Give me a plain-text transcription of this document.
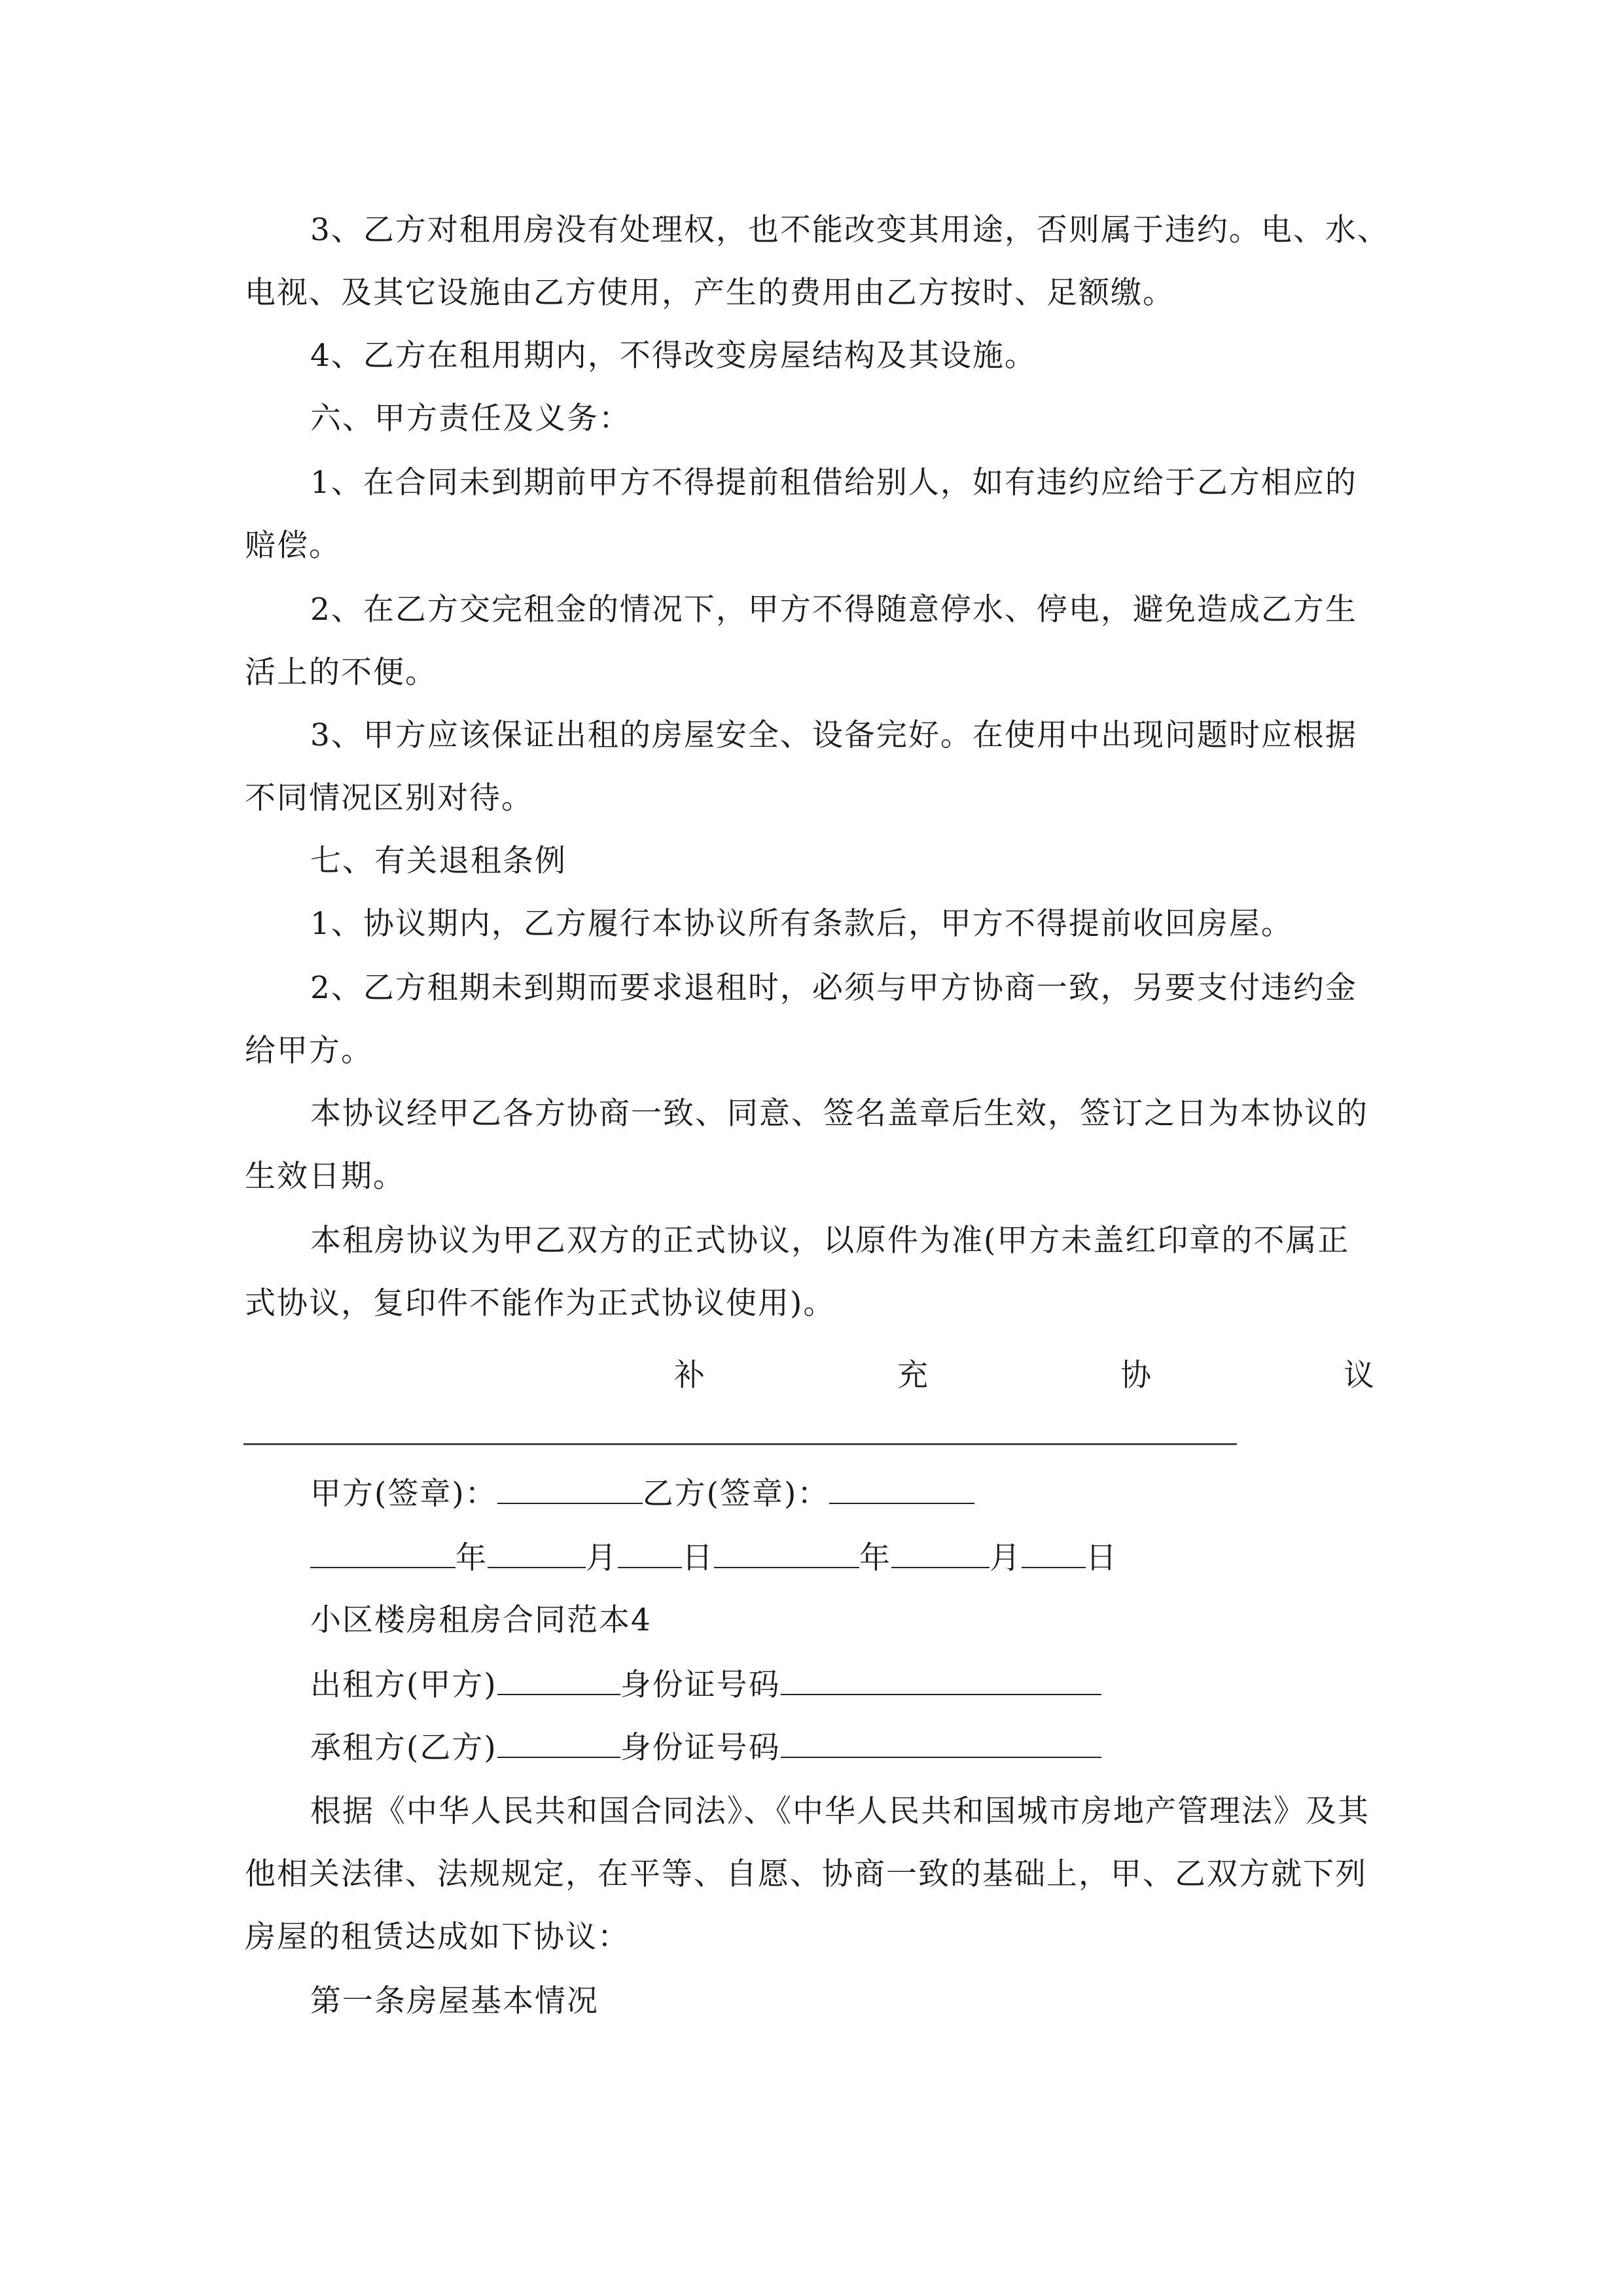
3、乙方对租用房没有处理权，也不能改变其用途，否则属于违约。电、水、
电视、及其它设施由乙方使用，产生的费用由乙方按时、足额缴。
4、乙方在租用期内，不得改变房屋结构及其设施。
六、甲方责任及义务：
1、在合同未到期前甲方不得提前租借给别人，如有违约应给于乙方相应的
赔偿。
2、在乙方交完租金的情况下，甲方不得随意停水、停电，避免造成乙方生
活上的不便。
3、甲方应该保证出租的房屋安全、设备完好。在使用中出现问题时应根据
不同情况区别对待。
七、有关退租条例
1、协议期内，乙方履行本协议所有条款后，甲方不得提前收回房屋。
2、乙方租期未到期而要求退租时，必须与甲方协商一致，另要支付违约金
给甲方。
本协议经甲乙各方协商一致、同意、签名盖章后生效，签订之日为本协议的
生效日期。
本租房协议为甲乙双方的正式协议，以原件为准(甲方未盖红印章的不属正
式协议，复印件不能作为正式协议使用)。
补	充	协	议
甲方(签章)：	乙方(签章)：
年	月 日	年	月 日
小区楼房租房合同范本4
出租方(甲方)	身份证号码
承租方(乙方)	身份证号码
根据《中华人民共和国合同法》、《中华人民共和国城市房地产管理法》及其
他相关法律、法规规定，在平等、自愿、协商一致的基础上，甲、乙双方就下列
房屋的租赁达成如下协议：
第一条房屋基本情况
